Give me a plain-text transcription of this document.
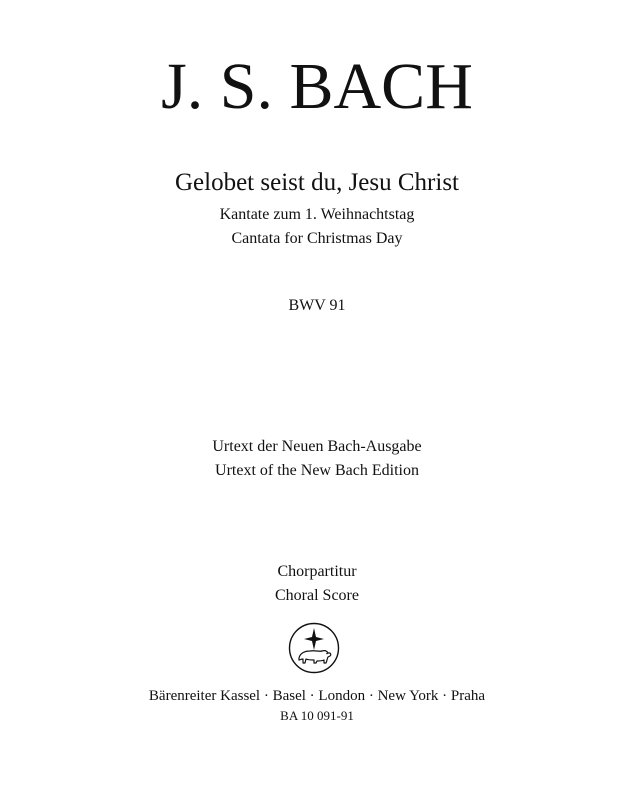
J. S. BACH
Gelobet seist du, Jesu Christ
Kantate zum 1. Weihnachtstag
Cantata for Christmas Day
BWV 91
Urtext der Neuen Bach-Ausgabe
Urtext of the New Bach Edition
Chorpartitur
Choral Score
Bärenreiter Kassel · Basel · London · New York · Praha
BA 10 091-91
